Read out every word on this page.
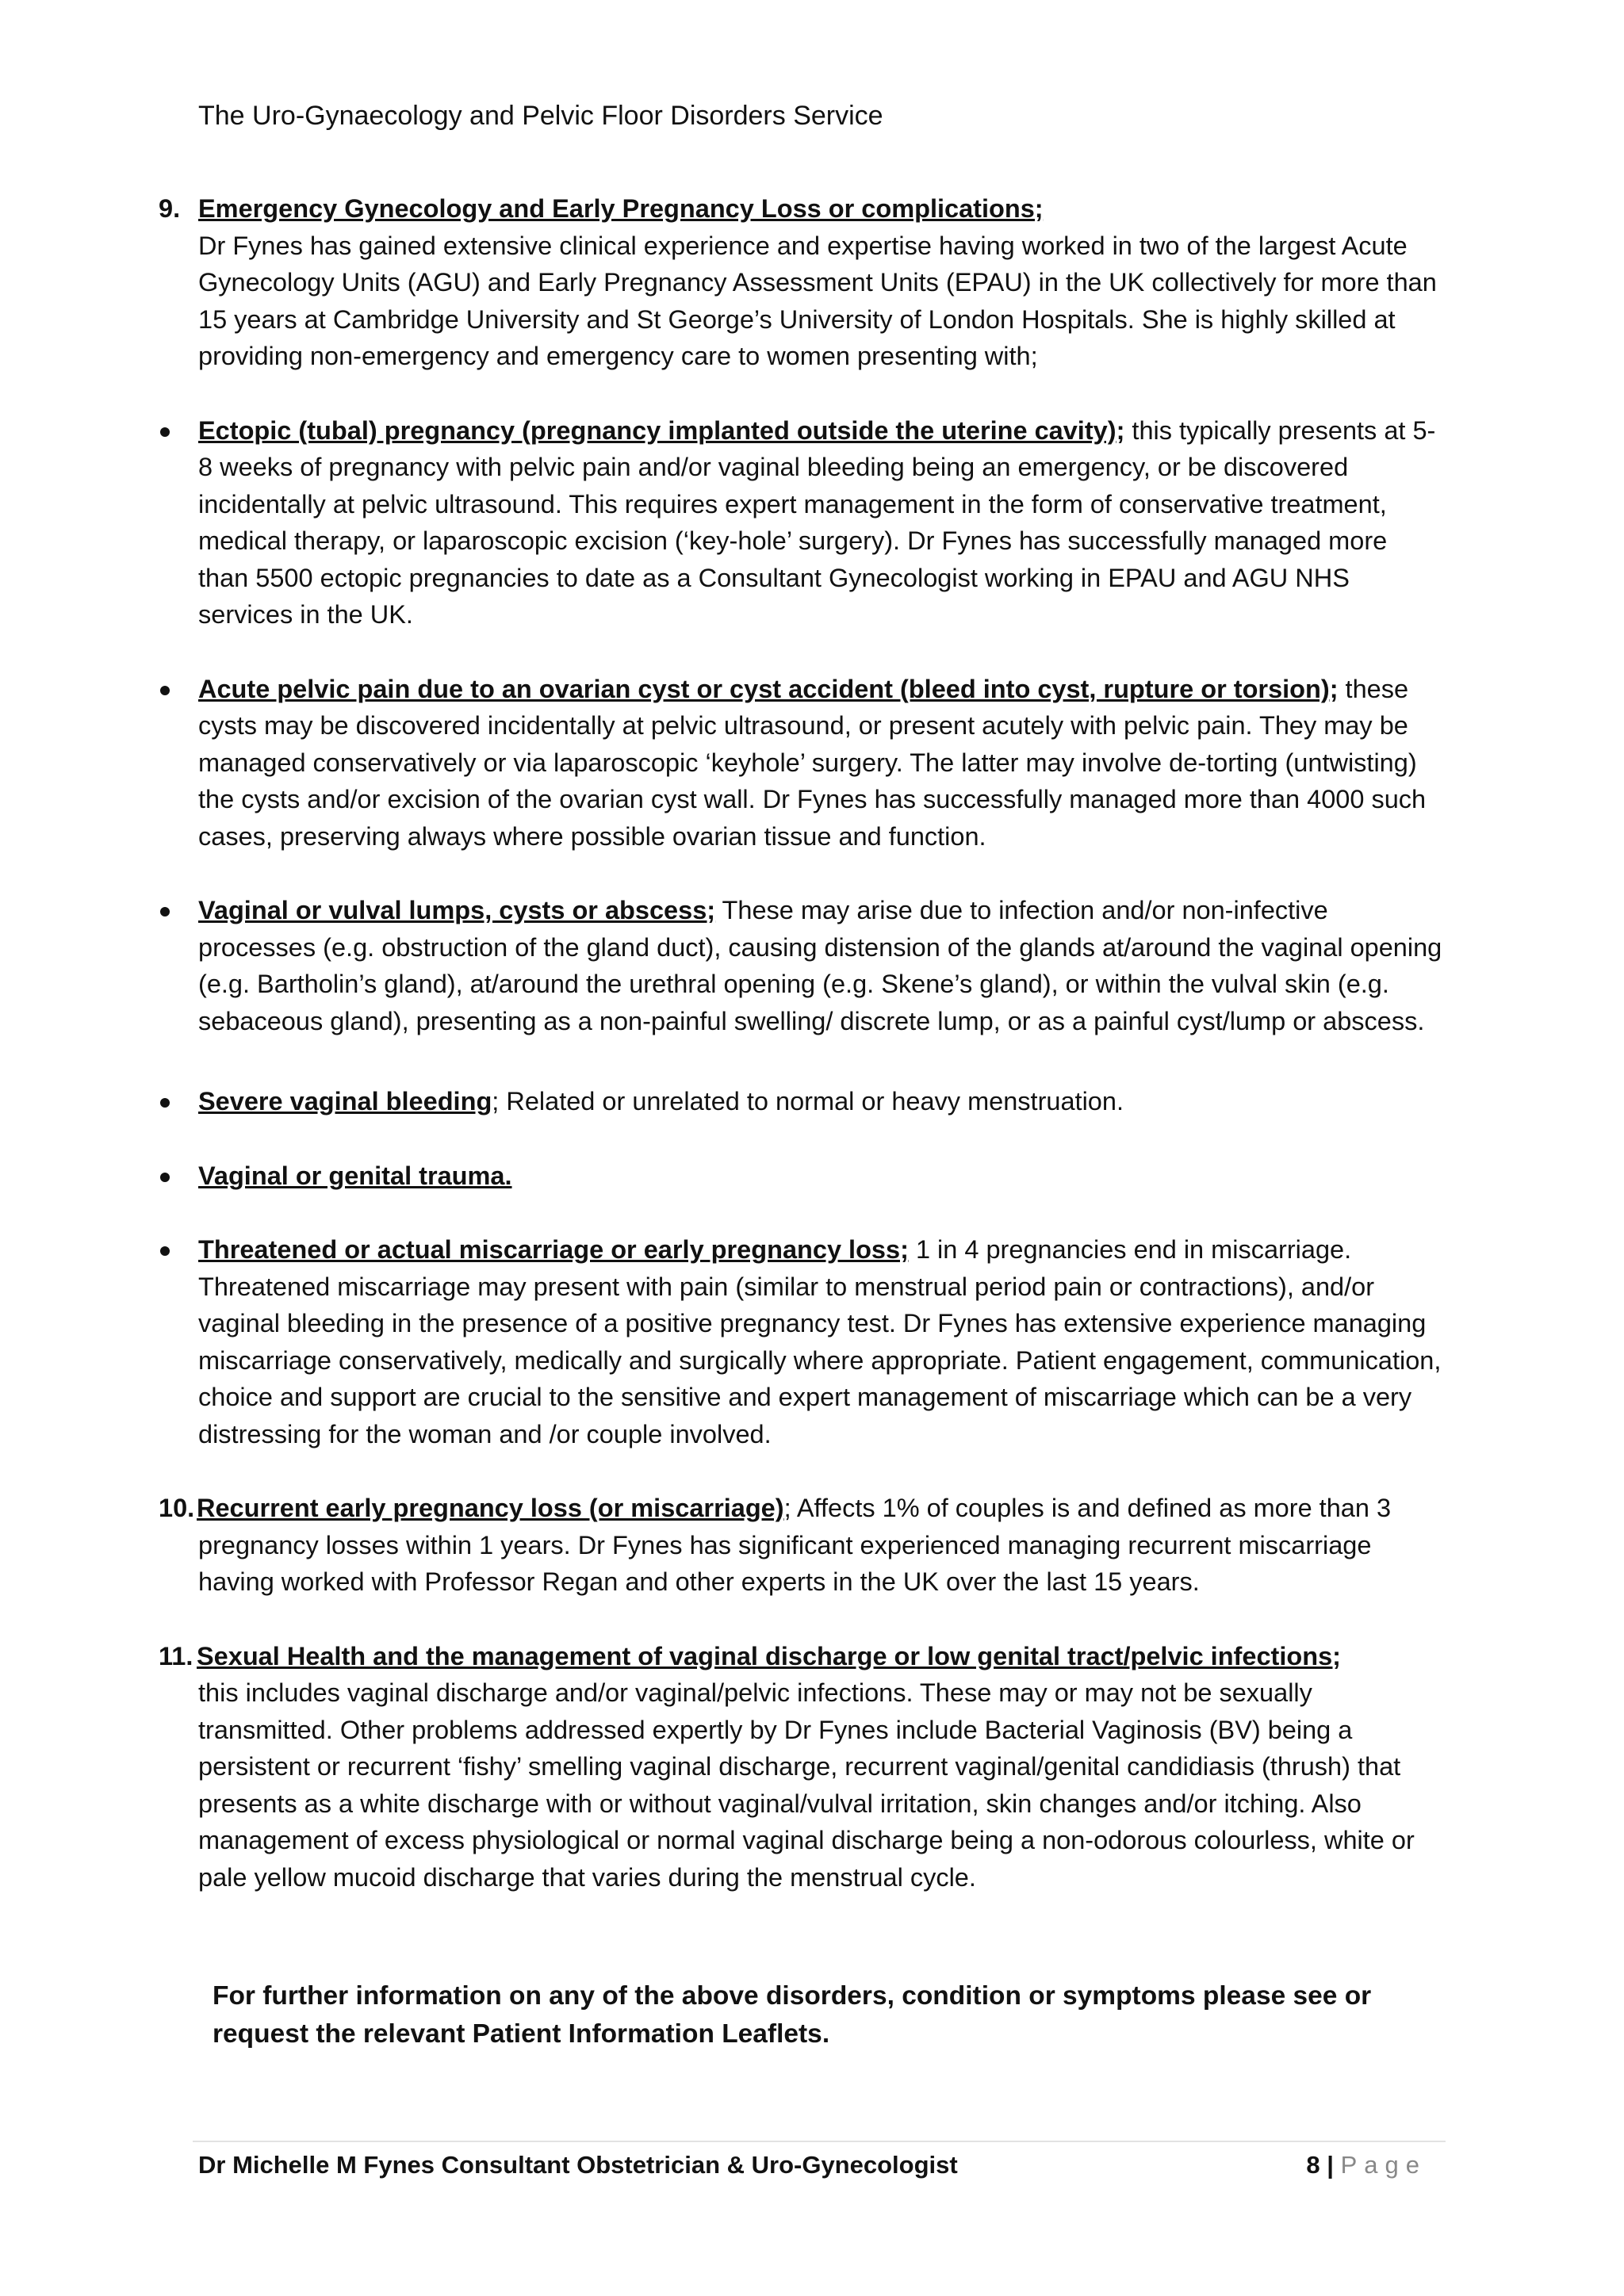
The Uro-Gynaecology and Pelvic Floor Disorders Service
9. Emergency Gynecology and Early Pregnancy Loss or complications;
Dr Fynes has gained extensive clinical experience and expertise having worked in two of the largest Acute Gynecology Units (AGU) and Early Pregnancy Assessment Units (EPAU) in the UK collectively for more than 15 years at Cambridge University and St George’s University of London Hospitals. She is highly skilled at providing non-emergency and emergency care to women presenting with;
Ectopic (tubal) pregnancy (pregnancy implanted outside the uterine cavity); this typically presents at 5-8 weeks of pregnancy with pelvic pain and/or vaginal bleeding being an emergency, or be discovered incidentally at pelvic ultrasound. This requires expert management in the form of conservative treatment, medical therapy, or laparoscopic excision (‘key-hole’ surgery). Dr Fynes has successfully managed more than 5500 ectopic pregnancies to date as a Consultant Gynecologist working in EPAU and AGU NHS services in the UK.
Acute pelvic pain due to an ovarian cyst or cyst accident (bleed into cyst, rupture or torsion); these cysts may be discovered incidentally at pelvic ultrasound, or present acutely with pelvic pain. They may be managed conservatively or via laparoscopic ‘keyhole’ surgery. The latter may involve de-torting (untwisting) the cysts and/or excision of the ovarian cyst wall. Dr Fynes has successfully managed more than 4000 such cases, preserving always where possible ovarian tissue and function.
Vaginal or vulval lumps, cysts or abscess; These may arise due to infection and/or non-infective processes (e.g. obstruction of the gland duct), causing distension of the glands at/around the vaginal opening (e.g. Bartholin’s gland), at/around the urethral opening (e.g. Skene’s gland), or within the vulval skin (e.g. sebaceous gland), presenting as a non-painful swelling/ discrete lump, or as a painful cyst/lump or abscess.
Severe vaginal bleeding; Related or unrelated to normal or heavy menstruation.
Vaginal or genital trauma.
Threatened or actual miscarriage or early pregnancy loss; 1 in 4 pregnancies end in miscarriage. Threatened miscarriage may present with pain (similar to menstrual period pain or contractions), and/or vaginal bleeding in the presence of a positive pregnancy test. Dr Fynes has extensive experience managing miscarriage conservatively, medically and surgically where appropriate. Patient engagement, communication, choice and support are crucial to the sensitive and expert management of miscarriage which can be a very distressing for the woman and /or couple involved.
10. Recurrent early pregnancy loss (or miscarriage); Affects 1% of couples is and defined as more than 3 pregnancy losses within 1 years. Dr Fynes has significant experienced managing recurrent miscarriage having worked with Professor Regan and other experts in the UK over the last 15 years.
11. Sexual Health and the management of vaginal discharge or low genital tract/pelvic infections;
this includes vaginal discharge and/or vaginal/pelvic infections. These may or may not be sexually transmitted. Other problems addressed expertly by Dr Fynes include Bacterial Vaginosis (BV) being a persistent or recurrent ‘fishy’ smelling vaginal discharge, recurrent vaginal/genital candidiasis (thrush) that presents as a white discharge with or without vaginal/vulval irritation, skin changes and/or itching. Also management of excess physiological or normal vaginal discharge being a non-odorous colourless, white or pale yellow mucoid discharge that varies during the menstrual cycle.
For further information on any of the above disorders, condition or symptoms please see or request the relevant Patient Information Leaflets.
Dr Michelle M Fynes Consultant Obstetrician & Uro-Gynecologist	8 | Page
